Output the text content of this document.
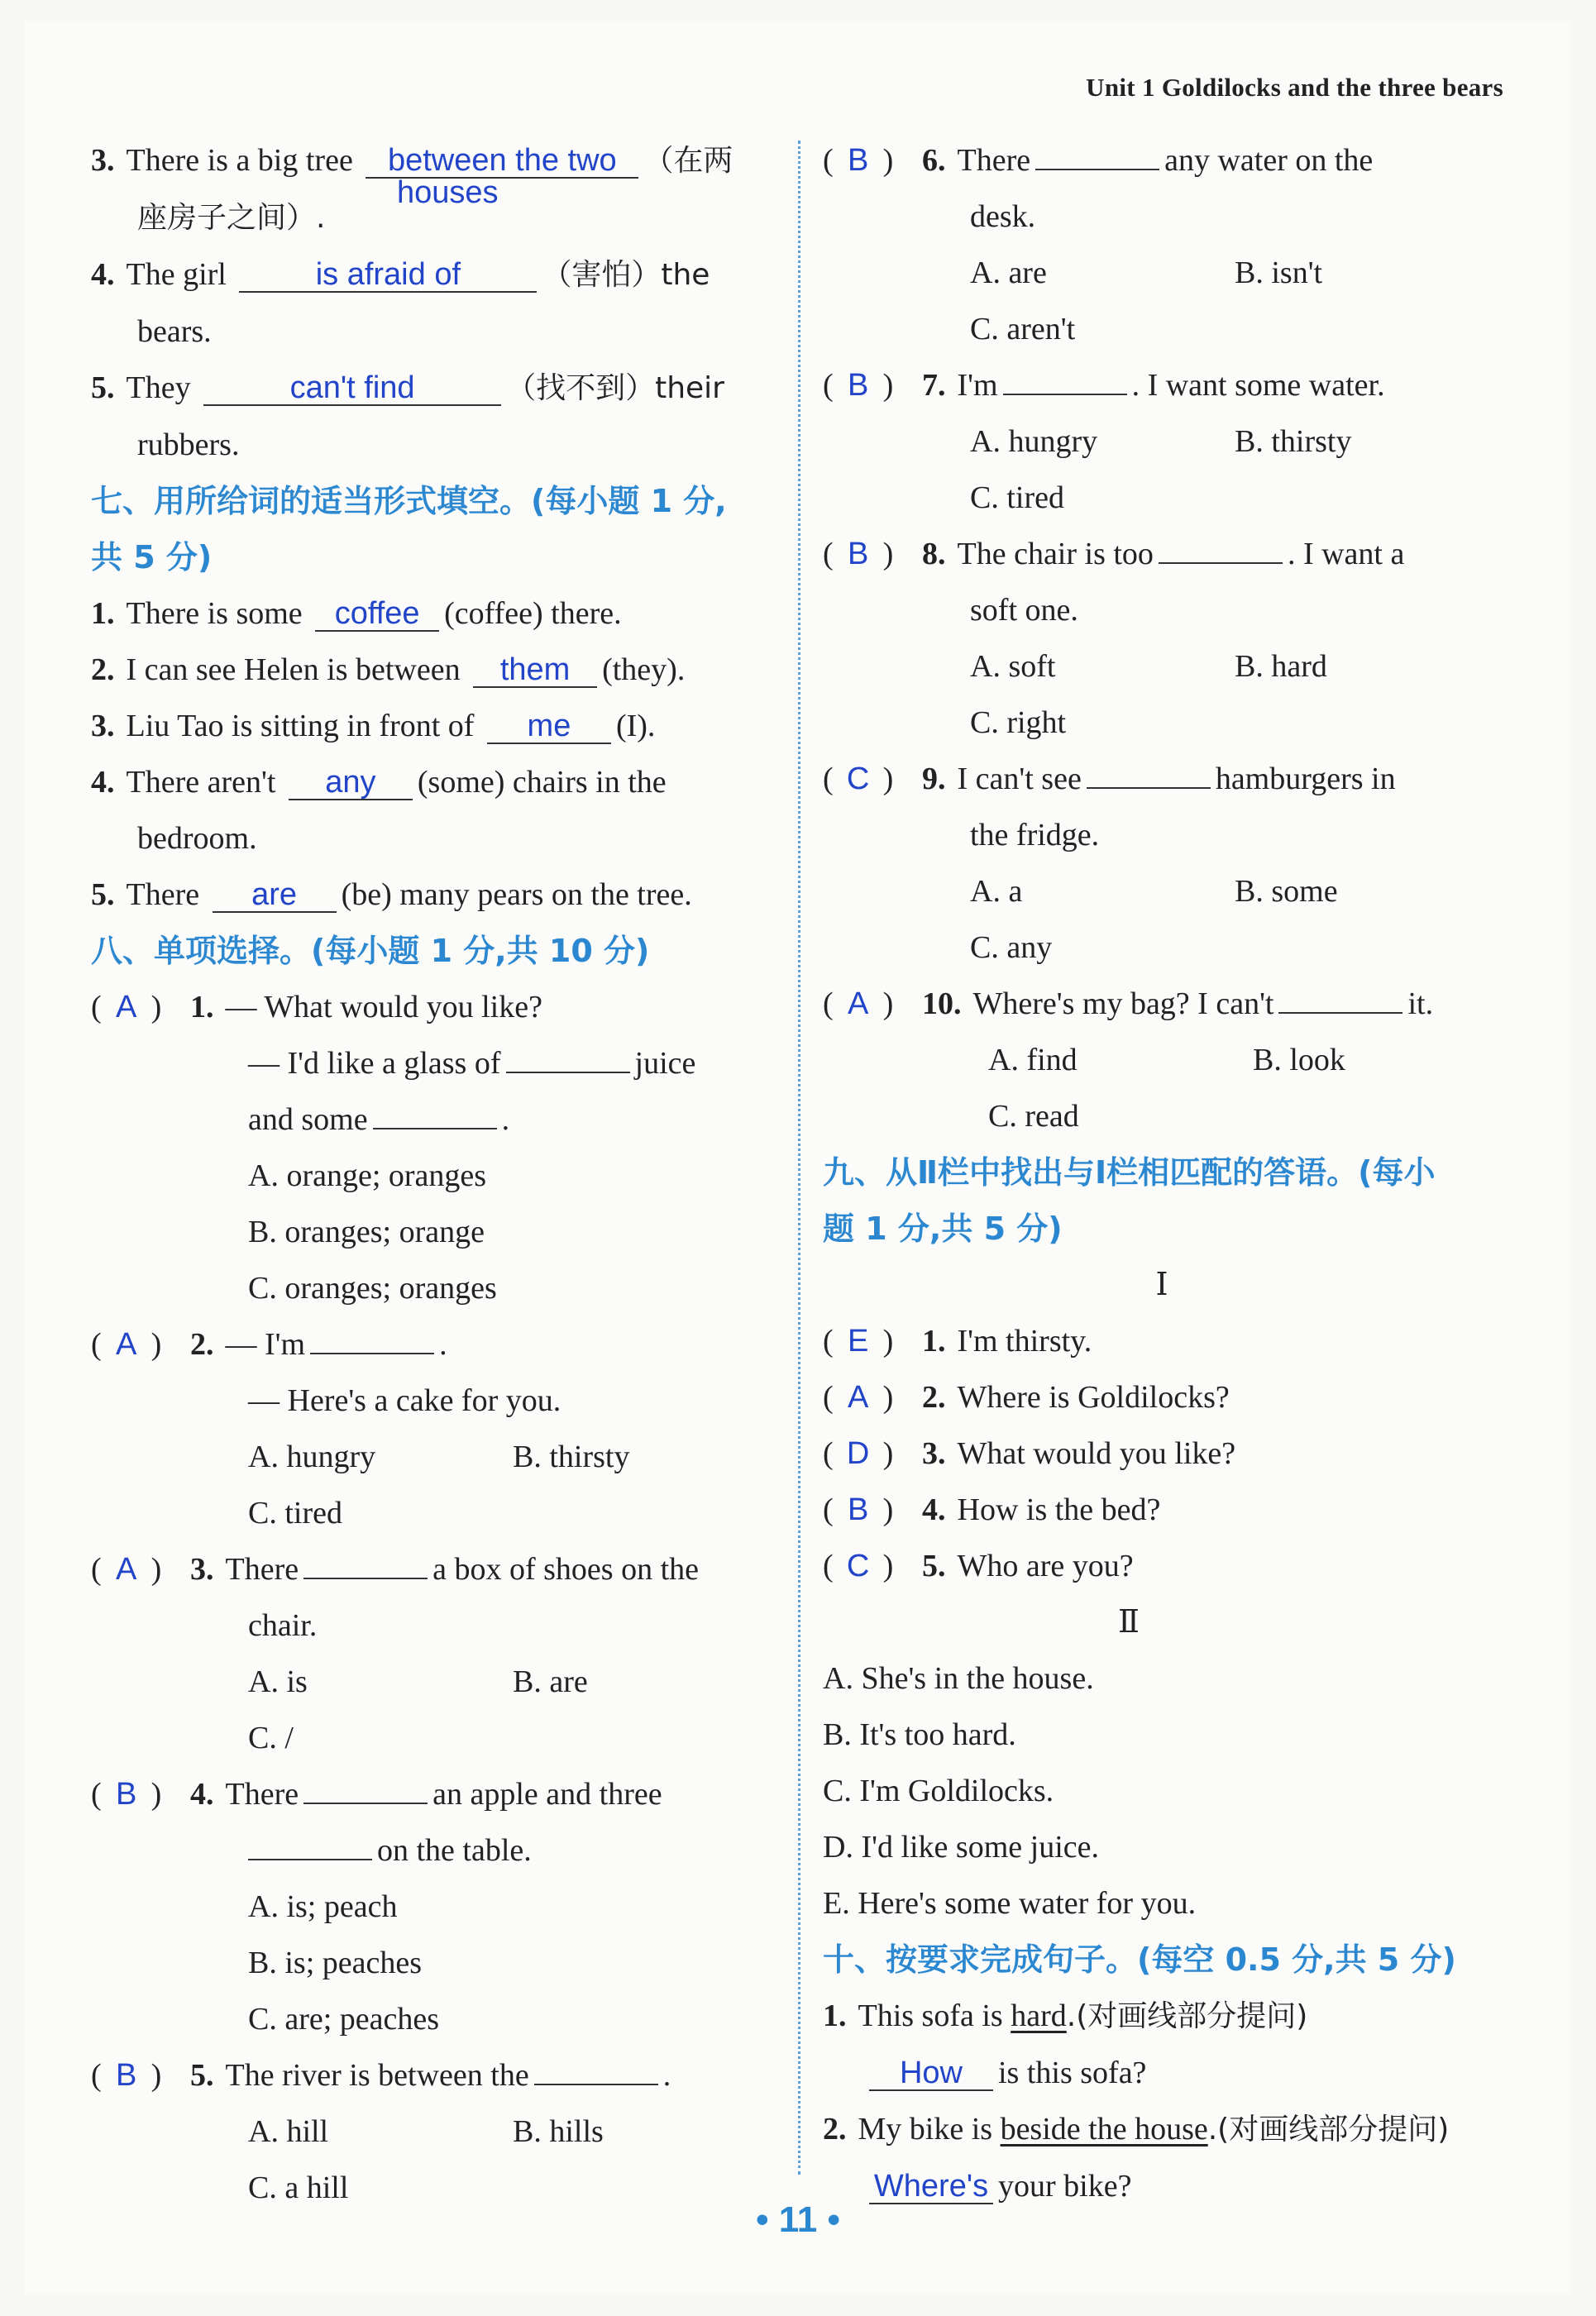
Unit 1 Goldilocks and the three bears
3. There is a big tree between the two （在两
座房子之间）.
houses
4. The girl	is afraid of	（害怕）the
bears.
5. They	can't find	（找不到）their
rubbers.
七、用所给词的适当形式填空。(每小题 1 分,
共 5 分)
1. There is some coffee (coffee) there.
2. I can see Helen is between them (they).
3. Liu Tao is sitting in front of me (I).
4. There aren't any (some) chairs in the
bedroom.
5. There are (be) many pears on the tree.
八、单项选择。(每小题 1 分,共 10 分)
( A ) 1. — What would you like?
— I'd like a glass of	juice
and some	.
A. orange; oranges
B. oranges; orange
C. oranges; oranges
( A ) 2. — I'm	.
— Here's a cake for you.
A. hungry	B. thirsty
C. tired
( A ) 3. There	a box of shoes on the
chair.
A. is	B. are
C. /
( B ) 4. There	an apple and three
on the table.
A. is; peach
B. is; peaches
C. are; peaches
( B ) 5. The river is between the	.
A. hill	B. hills
C. a hill
( B ) 6. There	any water on the
desk.
A. are	B. isn't
C. aren't
( B ) 7. I'm	. I want some water.
A. hungry	B. thirsty
C. tired
( B ) 8. The chair is too	. I want a
soft one.
A. soft	B. hard
C. right
( C ) 9. I can't see	hamburgers in
the fridge.
A. a	B. some
C. any
( A ) 10. Where's my bag? I can't	it.
A. find	B. look
C. read
九、从Ⅱ栏中找出与Ⅰ栏相匹配的答语。(每小
题 1 分,共 5 分)
Ⅰ
( E ) 1. I'm thirsty.
( A ) 2. Where is Goldilocks?
( D ) 3. What would you like?
( B ) 4. How is the bed?
( C ) 5. Who are you?
Ⅱ
A. She's in the house.
B. It's too hard.
C. I'm Goldilocks.
D. I'd like some juice.
E. Here's some water for you.
十、按要求完成句子。(每空 0.5 分,共 5 分)
1. This sofa is hard.(对画线部分提问)
How is this sofa?
2. My bike is beside the house.(对画线部分提问)
Where's your bike?
• 11 •
